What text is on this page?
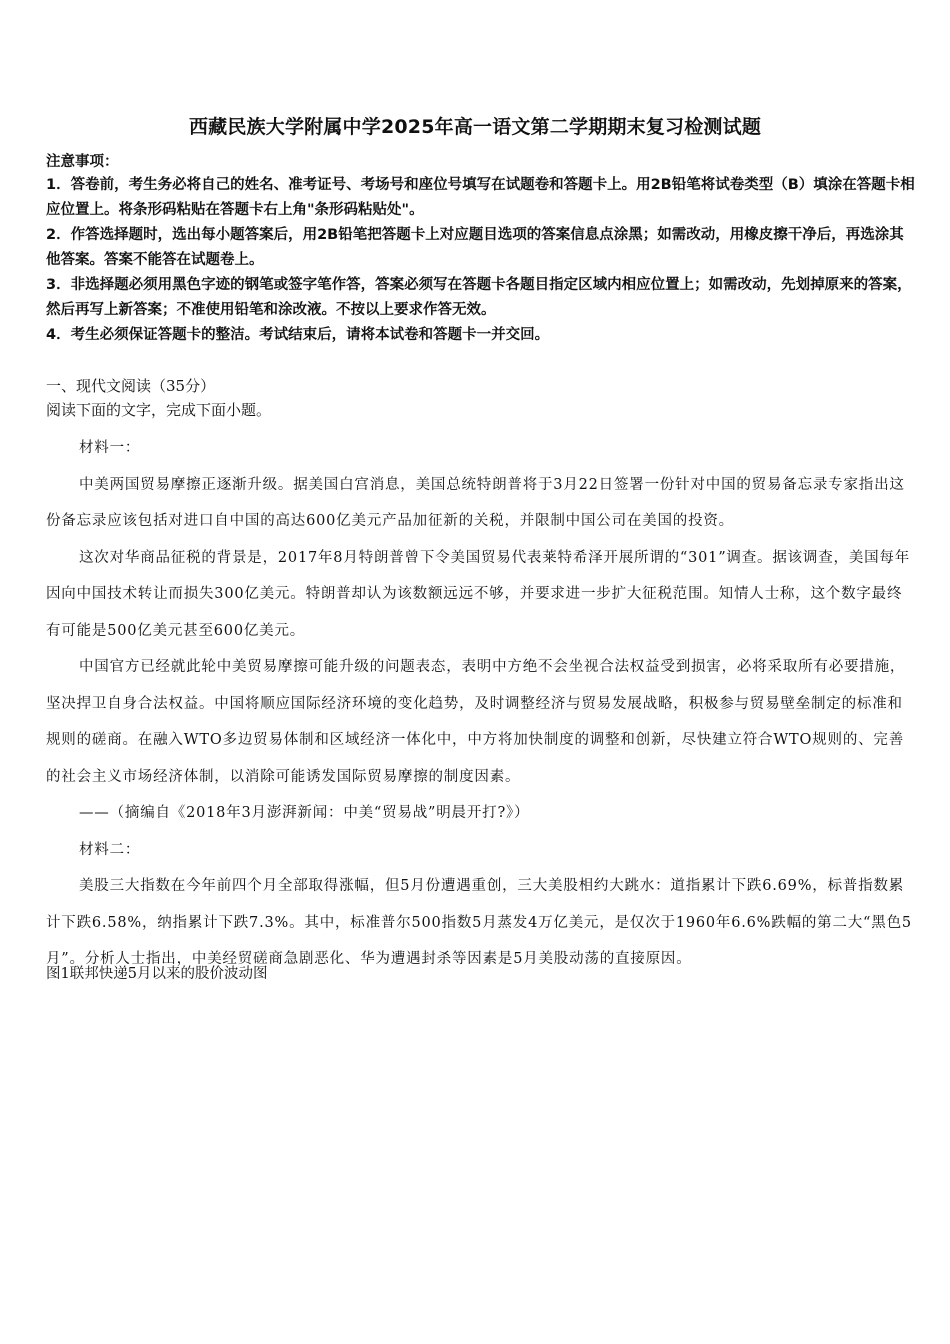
西藏民族大学附属中学2025年高一语文第二学期期末复习检测试题
注意事项：

1．答卷前，考生务必将自己的姓名、准考证号、考场号和座位号填写在试题卷和答题卡上。用2B铅笔将试卷类型（B）填涂在答题卡相应位置上。将条形码粘贴在答题卡右上角"条形码粘贴处"。

2．作答选择题时，选出每小题答案后，用2B铅笔把答题卡上对应题目选项的答案信息点涂黑；如需改动，用橡皮擦干净后，再选涂其他答案。答案不能答在试题卷上。

3．非选择题必须用黑色字迹的钢笔或签字笔作答，答案必须写在答题卡各题目指定区域内相应位置上；如需改动，先划掉原来的答案，然后再写上新答案；不准使用铅笔和涂改液。不按以上要求作答无效。

4．考生必须保证答题卡的整洁。考试结束后，请将本试卷和答题卡一并交回。

一、现代文阅读（35分）
阅读下面的文字，完成下面小题。

材料一：

中美两国贸易摩擦正逐渐升级。据美国白宫消息，美国总统特朗普将于3月22日签署一份针对中国的贸易备忘录专家指出这份备忘录应该包括对进口自中国的高达600亿美元产品加征新的关税，并限制中国公司在美国的投资。

这次对华商品征税的背景是，2017年8月特朗普曾下令美国贸易代表莱特希泽开展所谓的“301”调查。据该调查，美国每年因向中国技术转让而损失300亿美元。特朗普却认为该数额远远不够，并要求进一步扩大征税范围。知情人士称，这个数字最终有可能是500亿美元甚至600亿美元。

中国官方已经就此轮中美贸易摩擦可能升级的问题表态，表明中方绝不会坐视合法权益受到损害，必将采取所有必要措施，坚决捍卫自身合法权益。中国将顺应国际经济环境的变化趋势，及时调整经济与贸易发展战略，积极参与贸易壁垒制定的标准和规则的磋商。在融入WTO多边贸易体制和区域经济一体化中，中方将加快制度的调整和创新，尽快建立符合WTO规则的、完善的社会主义市场经济体制，以消除可能诱发国际贸易摩擦的制度因素。

——（摘编自《2018年3月澎湃新闻：中美“贸易战”明晨开打?》）

材料二：

美股三大指数在今年前四个月全部取得涨幅，但5月份遭遇重创，三大美股相约大跳水：道指累计下跌6.69%，标普指数累计下跌6.58%，纳指累计下跌7.3%。其中，标准普尔500指数5月蒸发4万亿美元，是仅次于1960年6.6%跌幅的第二大“黑色5月”。分析人士指出，中美经贸磋商急剧恶化、华为遭遇封杀等因素是5月美股动荡的直接原因。

图1联邦快递5月以来的股价波动图
